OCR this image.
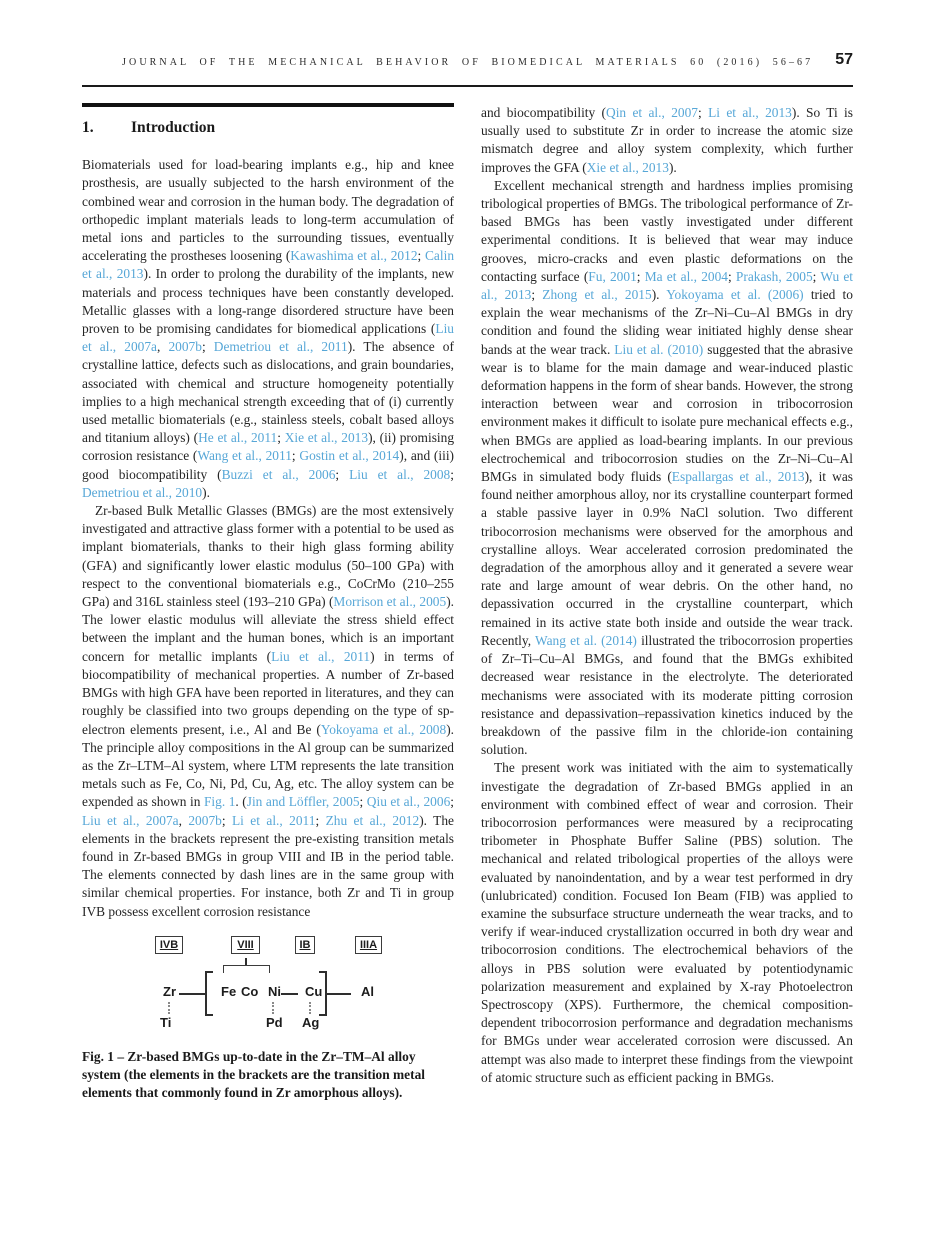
JOURNAL OF THE MECHANICAL BEHAVIOR OF BIOMEDICAL MATERIALS 60 (2016) 56–67 57
1. Introduction

Biomaterials used for load-bearing implants e.g., hip and knee prosthesis, are usually subjected to the harsh environment of the combined wear and corrosion in the human body. The degradation of orthopedic implant materials leads to long-term accumulation of metal ions and particles to the surrounding tissues, eventually accelerating the prostheses loosening (Kawashima et al., 2012; Calin et al., 2013). In order to prolong the durability of the implants, new materials and process techniques have been constantly developed. Metallic glasses with a long-range disordered structure have been proven to be promising candidates for biomedical applications (Liu et al., 2007a, 2007b; Demetriou et al., 2011). The absence of crystalline lattice, defects such as dislocations, and grain boundaries, associated with chemical and structure homogeneity potentially implies to a high mechanical strength exceeding that of (i) currently used metallic biomaterials (e.g., stainless steels, cobalt based alloys and titanium alloys) (He et al., 2011; Xie et al., 2013), (ii) promising corrosion resistance (Wang et al., 2011; Gostin et al., 2014), and (iii) good biocompatibility (Buzzi et al., 2006; Liu et al., 2008; Demetriou et al., 2010).

Zr-based Bulk Metallic Glasses (BMGs) are the most extensively investigated and attractive glass former with a potential to be used as implant biomaterials, thanks to their high glass forming ability (GFA) and significantly lower elastic modulus (50–100 GPa) with respect to the conventional biomaterials e.g., CoCrMo (210–255 GPa) and 316L stainless steel (193–210 GPa) (Morrison et al., 2005). The lower elastic modulus will alleviate the stress shield effect between the implant and the human bones, which is an important concern for metallic implants (Liu et al., 2011) in terms of biocompatibility of mechanical properties. A number of Zr-based BMGs with high GFA have been reported in literatures, and they can roughly be classified into two groups depending on the type of sp-electron elements present, i.e., Al and Be (Yokoyama et al., 2008). The principle alloy compositions in the Al group can be summarized as the Zr–LTM–Al system, where LTM represents the late transition metals such as Fe, Co, Ni, Pd, Cu, Ag, etc. The alloy system can be expended as shown in Fig. 1. (Jin and Löffler, 2005; Qiu et al., 2006; Liu et al., 2007a, 2007b; Li et al., 2011; Zhu et al., 2012). The elements in the brackets represent the pre-existing transition metals found in Zr-based BMGs in group VIII and IB in the period table. The elements connected by dash lines are in the same group with similar chemical properties. For instance, both Zr and Ti in group IVB possess excellent corrosion resistance

IVB	VIII	IB	IIIA
Zr	Fe Co Ni Cu	Al
Ti	Pd Ag
Fig. 1 – Zr-based BMGs up-to-date in the Zr–TM–Al alloy system (the elements in the brackets are the transition metal elements that commonly found in Zr amorphous alloys).

and biocompatibility (Qin et al., 2007; Li et al., 2013). So Ti is usually used to substitute Zr in order to increase the atomic size mismatch degree and alloy system complexity, which further improves the GFA (Xie et al., 2013).

Excellent mechanical strength and hardness implies promising tribological properties of BMGs. The tribological performance of Zr-based BMGs has been vastly investigated under different experimental conditions. It is believed that wear may induce grooves, micro-cracks and even plastic deformations on the contacting surface (Fu, 2001; Ma et al., 2004; Prakash, 2005; Wu et al., 2013; Zhong et al., 2015). Yokoyama et al. (2006) tried to explain the wear mechanisms of the Zr–Ni–Cu–Al BMGs in dry condition and found the sliding wear initiated highly dense shear bands at the wear track. Liu et al. (2010) suggested that the abrasive wear is to blame for the main damage and wear-induced plastic deformation happens in the form of shear bands. However, the strong interaction between wear and corrosion in tribocorrosion environment makes it difficult to isolate pure mechanical effects e.g., when BMGs are applied as load-bearing implants. In our previous electrochemical and tribocorrosion studies on the Zr–Ni–Cu–Al BMGs in simulated body fluids (Espallargas et al., 2013), it was found neither amorphous alloy, nor its crystalline counterpart formed a stable passive layer in 0.9% NaCl solution. Two different tribocorrosion mechanisms were observed for the amorphous and crystalline alloys. Wear accelerated corrosion predominated the degradation of the amorphous alloy and it generated a severe wear rate and large amount of wear debris. On the other hand, no depassivation occurred in the crystalline counterpart, which remained in its active state both inside and outside the wear track. Recently, Wang et al. (2014) illustrated the tribocorrosion properties of Zr–Ti–Cu–Al BMGs, and found that the BMGs exhibited decreased wear resistance in the electrolyte. The deteriorated mechanisms were associated with its moderate pitting corrosion resistance and depassivation–repassivation kinetics induced by the breakdown of the passive film in the chloride-ion containing solution.

The present work was initiated with the aim to systematically investigate the degradation of Zr-based BMGs applied in an environment with combined effect of wear and corrosion. Their tribocorrosion performances were measured by a reciprocating tribometer in Phosphate Buffer Saline (PBS) solution. The mechanical and related tribological properties of the alloys were evaluated by nanoindentation, and by a wear test performed in dry (unlubricated) condition. Focused Ion Beam (FIB) was applied to examine the subsurface structure underneath the wear tracks, and to verify if wear-induced crystallization occurred in both dry wear and tribocorrosion conditions. The electrochemical behaviors of the alloys in PBS solution were evaluated by potentiodynamic polarization measurement and explained by X-ray Photoelectron Spectroscopy (XPS). Furthermore, the chemical composition-dependent tribocorrosion performance and degradation mechanisms for BMGs under wear accelerated corrosion were discussed. An attempt was also made to interpret these findings from the viewpoint of atomic structure such as efficient packing in BMGs.
